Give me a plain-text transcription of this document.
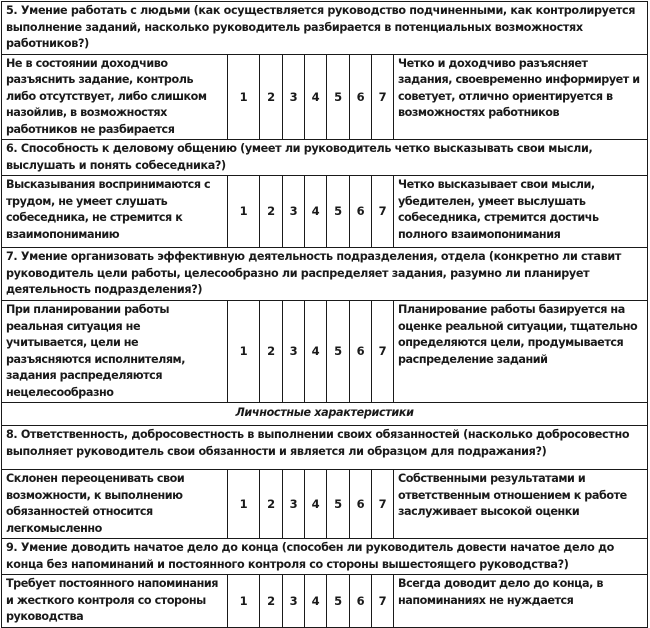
5. Умение работать с людьми (как осуществляется руководство подчиненными, как контролируется выполнение заданий, насколько руководитель разбирается в потенциальных возможностях работников?)								
Не в состоянии доходчиво разъяснить задание, контроль либо отсутствует, либо слишком назойлив, в возможностях работников не разбирается	1	2	3	4	5	6	7	Четко и доходчиво разъясняет задания, своевременно информирует и советует, отлично ориентируется в возможностях работников
6. Способность к деловому общению (умеет ли руководитель четко высказывать свои мысли, выслушать и понять собеседника?)								
Высказывания воспринимаются с трудом, не умеет слушать собеседника, не стремится к взаимопониманию	1	2	3	4	5	6	7	Четко высказывает свои мысли, убедителен, умеет выслушать собеседника, стремится достичь полного взаимопонимания
7. Умение организовать эффективную деятельность подразделения, отдела (конкретно ли ставит руководитель цели работы, целесообразно ли распределяет задания, разумно ли планирует деятельность подразделения?)								
При планировании работы реальная ситуация не учитывается, цели не разъясняются исполнителям, задания распределяются нецелесообразно	1	2	3	4	5	6	7	Планирование работы базируется на оценке реальной ситуации, тщательно определяются цели, продумывается распределение заданий
Личностные характеристики								
8. Ответственность, добросовестность в выполнении своих обязанностей (насколько добросовестно выполняет руководитель свои обязанности и является ли образцом для подражания?)								
Склонен переоценивать свои возможности, к выполнению обязанностей относится легкомысленно	1	2	3	4	5	6	7	Собственными результатами и ответственным отношением к работе заслуживает высокой оценки
9. Умение доводить начатое дело до конца (способен ли руководитель довести начатое дело до конца без напоминаний и постоянного контроля со стороны вышестоящего руководства?)								
Требует постоянного напоминания и жесткого контроля со стороны руководства	1	2	3	4	5	6	7	Всегда доводит дело до конца, в напоминаниях не нуждается
